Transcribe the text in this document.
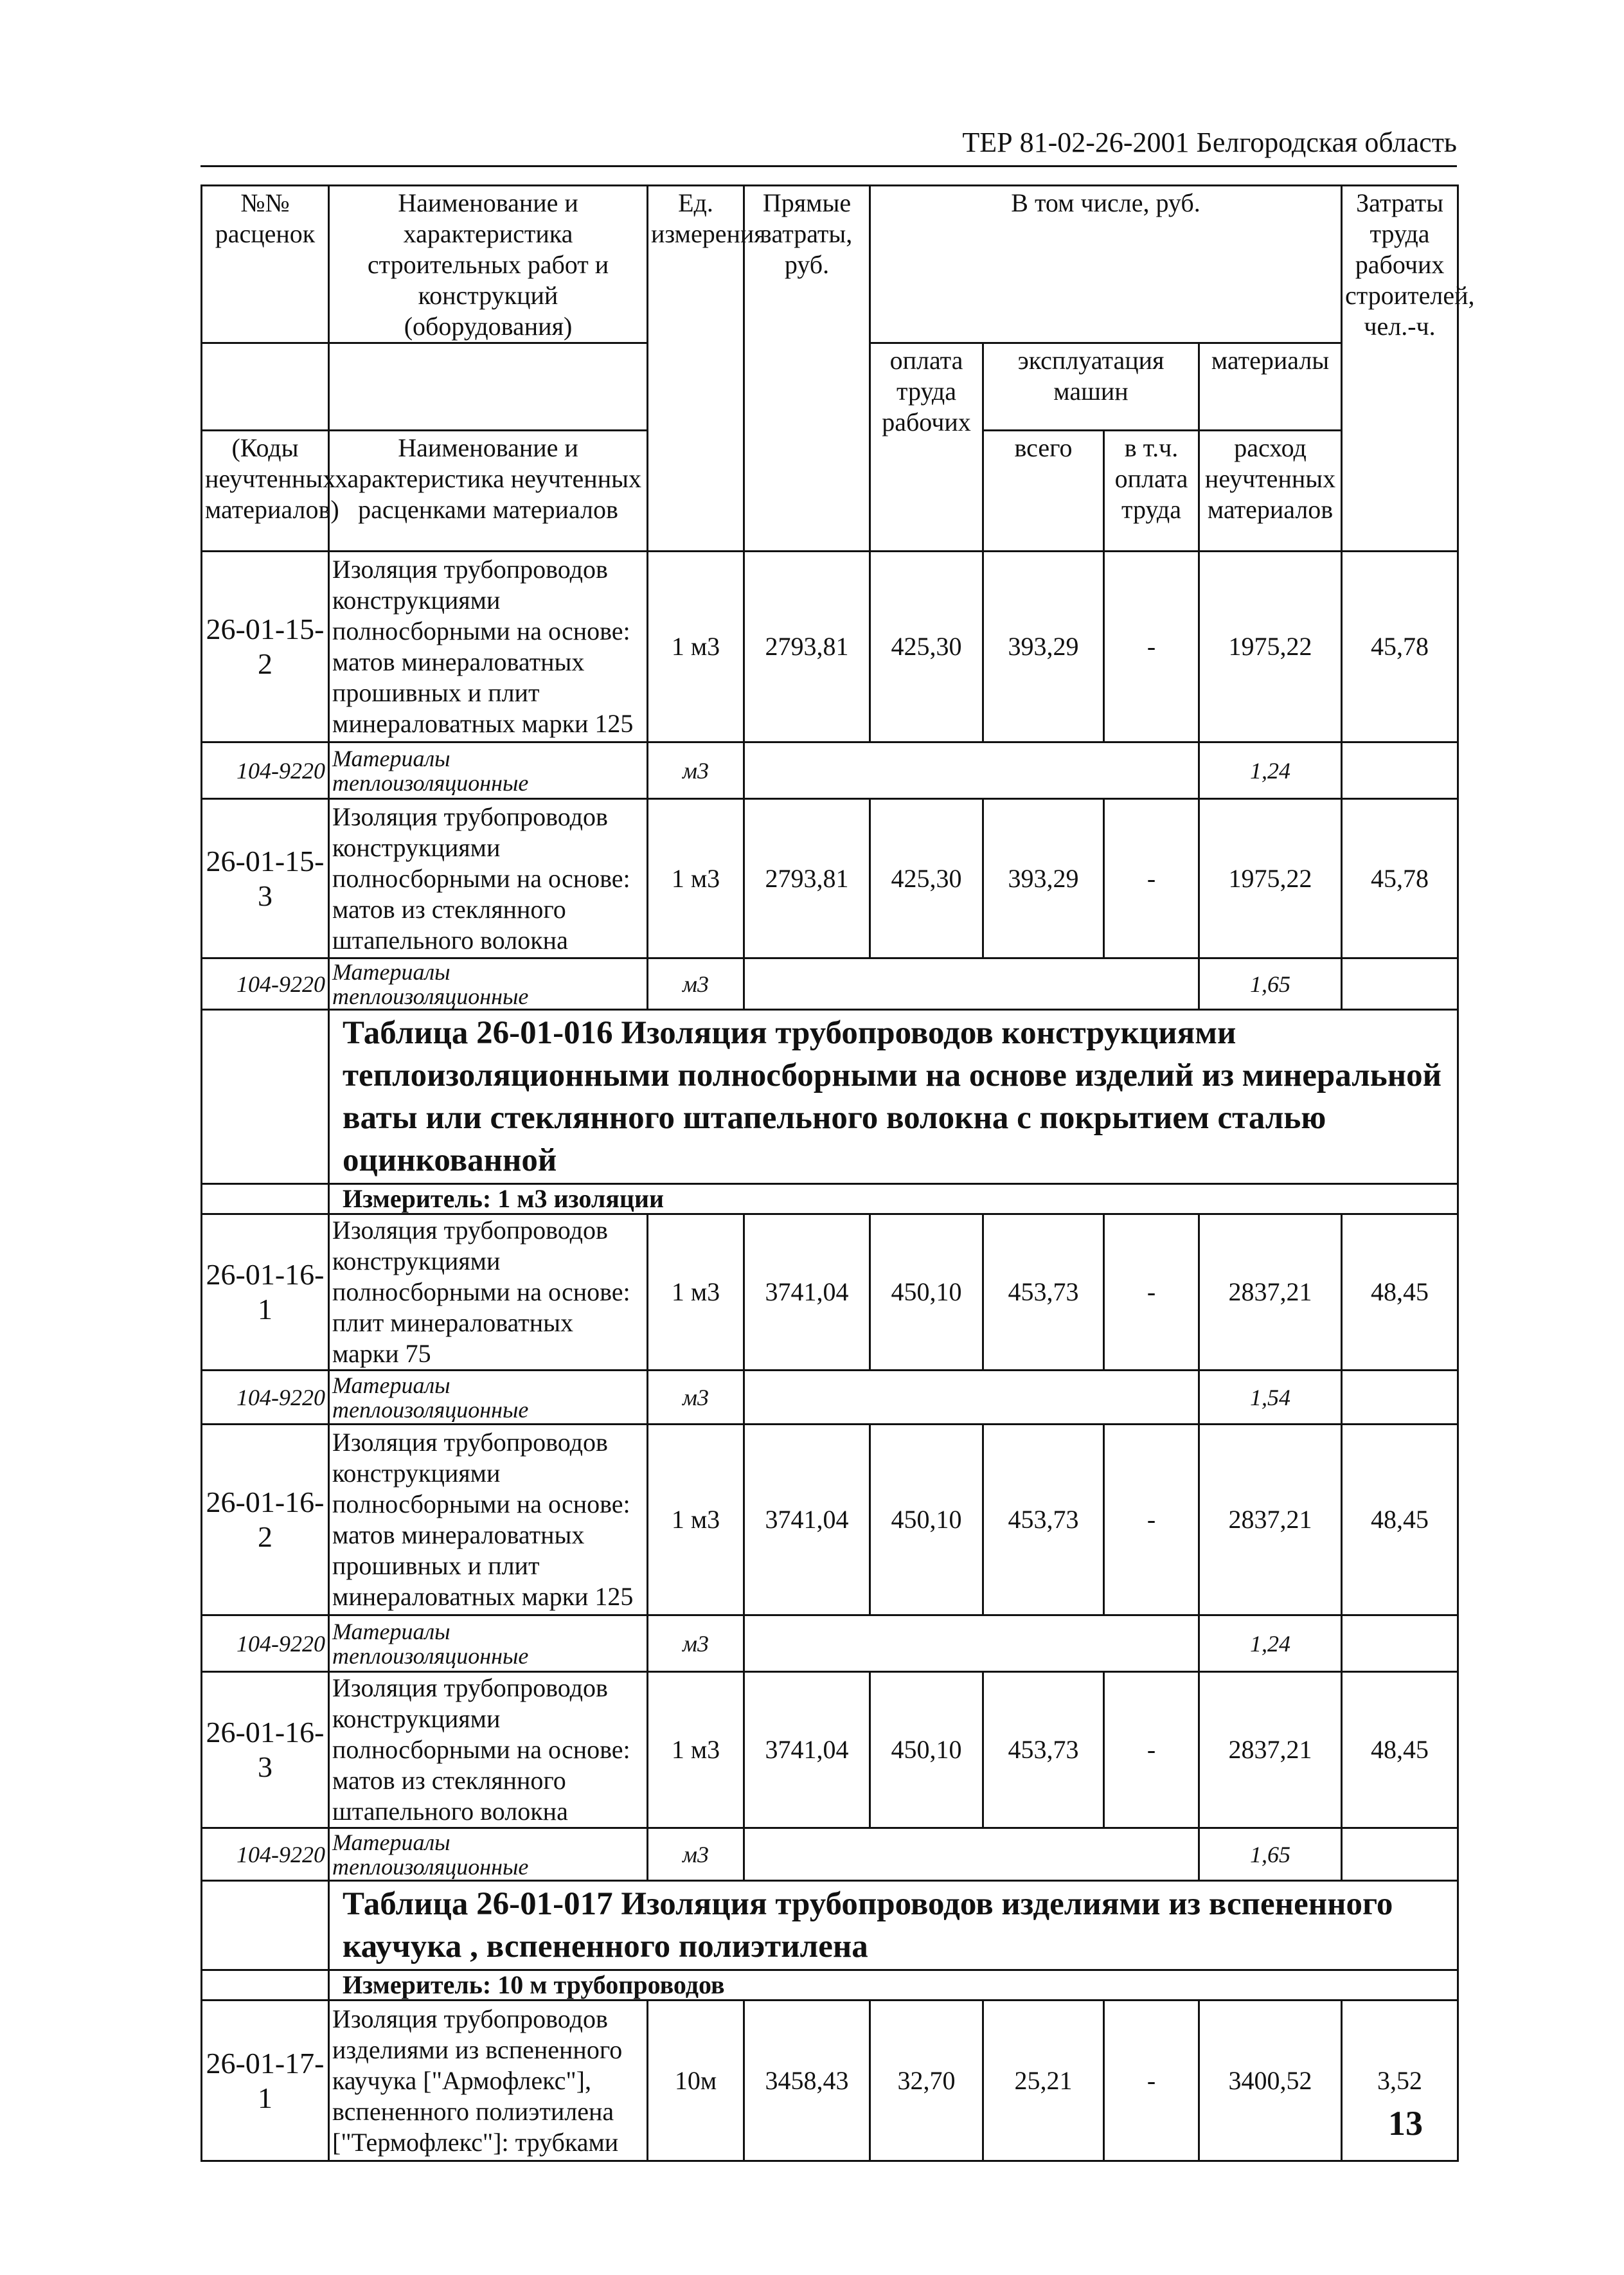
ТЕР 81-02-26-2001 Белгородская область
№№ расценок	Наименование и характеристика строительных работ и конструкций (оборудования)	Ед. измерения	Прямые затраты, руб.	В том числе, руб.				Затраты труда рабочих строителей, чел.-ч.
				оплата труда рабочих	эксплуатация машин		материалы	
(Коды неучтенных материалов)	Наименование и характеристика неучтенных расценками материалов				всего	в т.ч. оплата труда	расход неучтенных материалов	

26-01-15-2	Изоляция трубопроводов конструкциями полносборными на основе: матов минераловатных прошивных и плит минераловатных марки 125	1 м3	2793,81	425,30	393,29	-	1975,22	45,78
104-9220	Материалы теплоизоляционные	м3					1,24	
26-01-15-3	Изоляция трубопроводов конструкциями полносборными на основе: матов из стеклянного штапельного волокна	1 м3	2793,81	425,30	393,29	-	1975,22	45,78
104-9220	Материалы теплоизоляционные	м3					1,65	
	Таблица 26-01-016 Изоляция трубопроводов конструкциями теплоизоляционными полносборными на основе изделий из минеральной ваты или стеклянного штапельного волокна с покрытием сталью оцинкованной							
	Измеритель: 1 м3 изоляции							
26-01-16-1	Изоляция трубопроводов конструкциями полносборными на основе: плит минераловатных марки 75	1 м3	3741,04	450,10	453,73	-	2837,21	48,45
104-9220	Материалы теплоизоляционные	м3					1,54	
26-01-16-2	Изоляция трубопроводов конструкциями полносборными на основе: матов минераловатных прошивных и плит минераловатных марки 125	1 м3	3741,04	450,10	453,73	-	2837,21	48,45
104-9220	Материалы теплоизоляционные	м3					1,24	
26-01-16-3	Изоляция трубопроводов конструкциями полносборными на основе: матов из стеклянного штапельного волокна	1 м3	3741,04	450,10	453,73	-	2837,21	48,45
104-9220	Материалы теплоизоляционные	м3					1,65	
	Таблица 26-01-017 Изоляция трубопроводов изделиями из вспененного каучука , вспененного полиэтилена							
	Измеритель: 10 м трубопроводов							
26-01-17-1	Изоляция трубопроводов изделиями из вспененного каучука ["Армофлекс"], вспененного полиэтилена ["Термофлекс"]: трубками	10м	3458,43	32,70	25,21	-	3400,52	3,52
13
